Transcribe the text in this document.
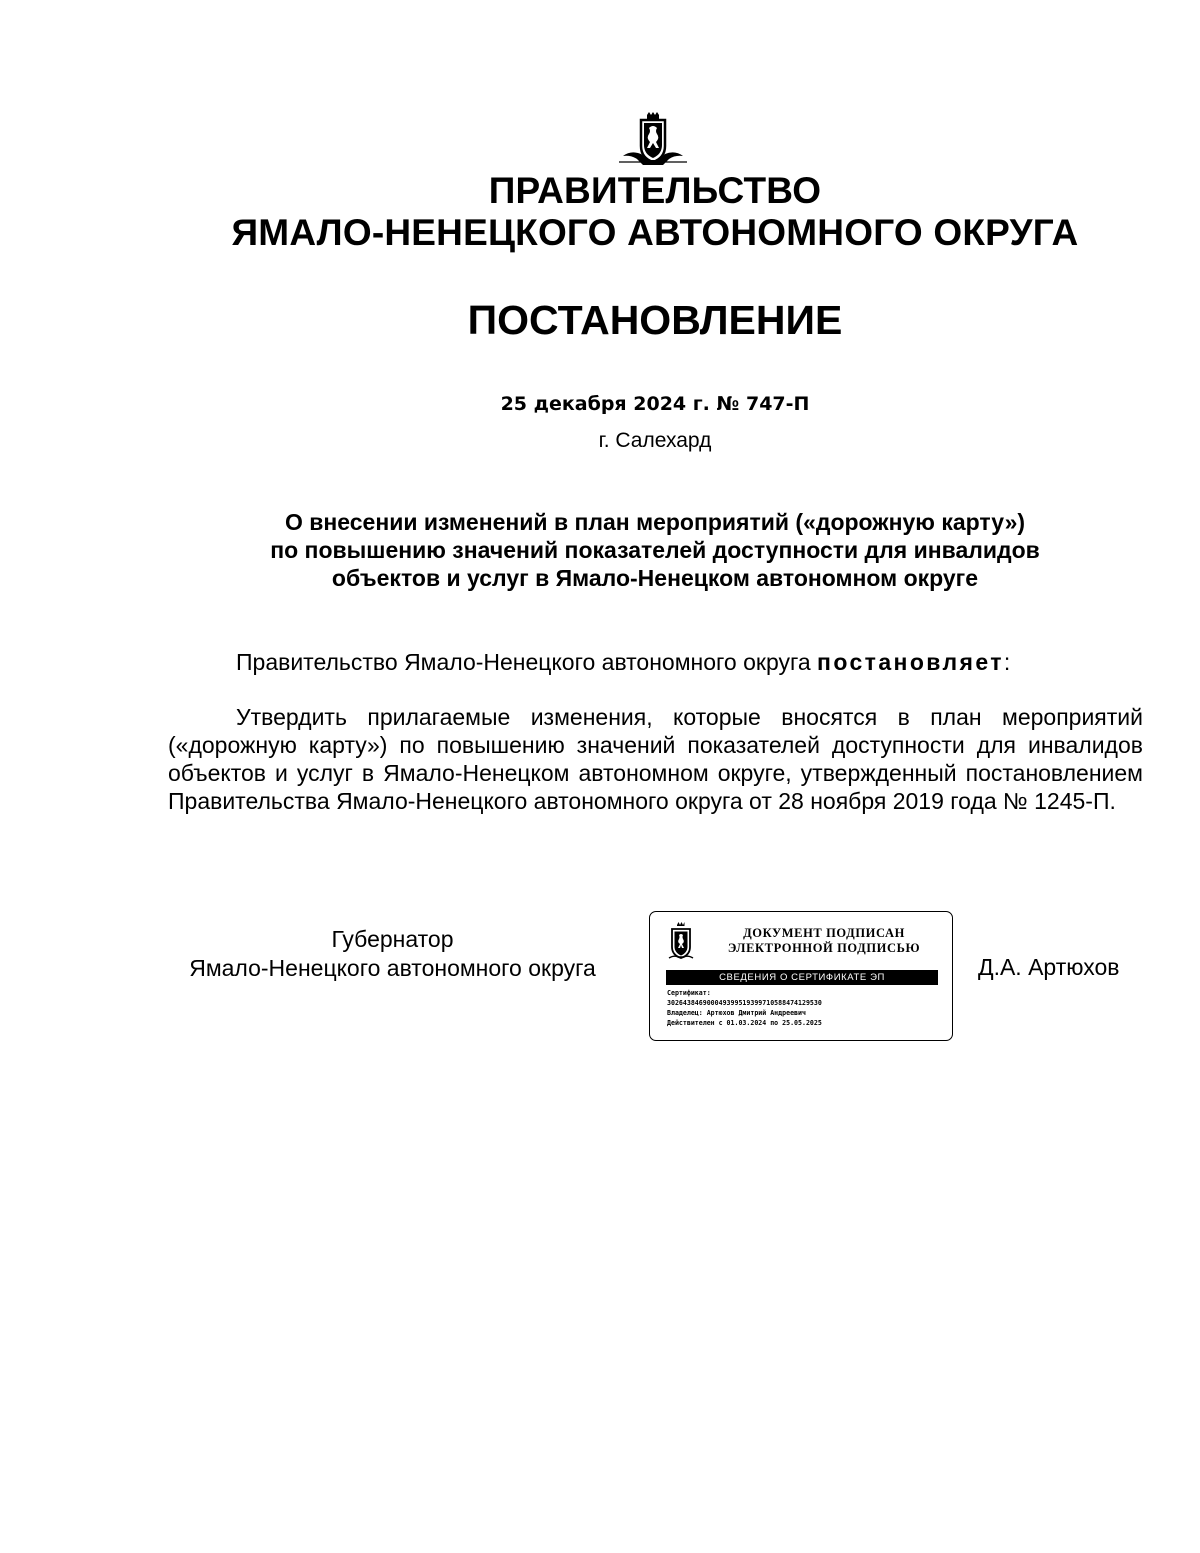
ПРАВИТЕЛЬСТВО
ЯМАЛО-НЕНЕЦКОГО АВТОНОМНОГО ОКРУГА
ПОСТАНОВЛЕНИЕ
25 декабря 2024 г. № 747-П
г. Салехард
О внесении изменений в план мероприятий («дорожную карту»)
по повышению значений показателей доступности для инвалидов
объектов и услуг в Ямало-Ненецком автономном округе
Правительство Ямало-Ненецкого автономного округа постановляет:
Утвердить прилагаемые изменения, которые вносятся в план мероприятий («дорожную карту») по повышению значений показателей доступности для инвалидов объектов и услуг в Ямало-Ненецком автономном округе, утвержденный постановлением Правительства Ямало-Ненецкого автономного округа от 28 ноября 2019 года № 1245-П.
Губернатор
Ямало-Ненецкого автономного округа
ДОКУМЕНТ ПОДПИСАН
ЭЛЕКТРОННОЙ ПОДПИСЬЮ
СВЕДЕНИЯ О СЕРТИФИКАТЕ ЭП
Сертификат:
3026438469000493995193997105884741295​30
Владелец: Артюхов Дмитрий Андреевич
Действителен с 01.03.2024 по 25.05.2025
Д.А. Артюхов
